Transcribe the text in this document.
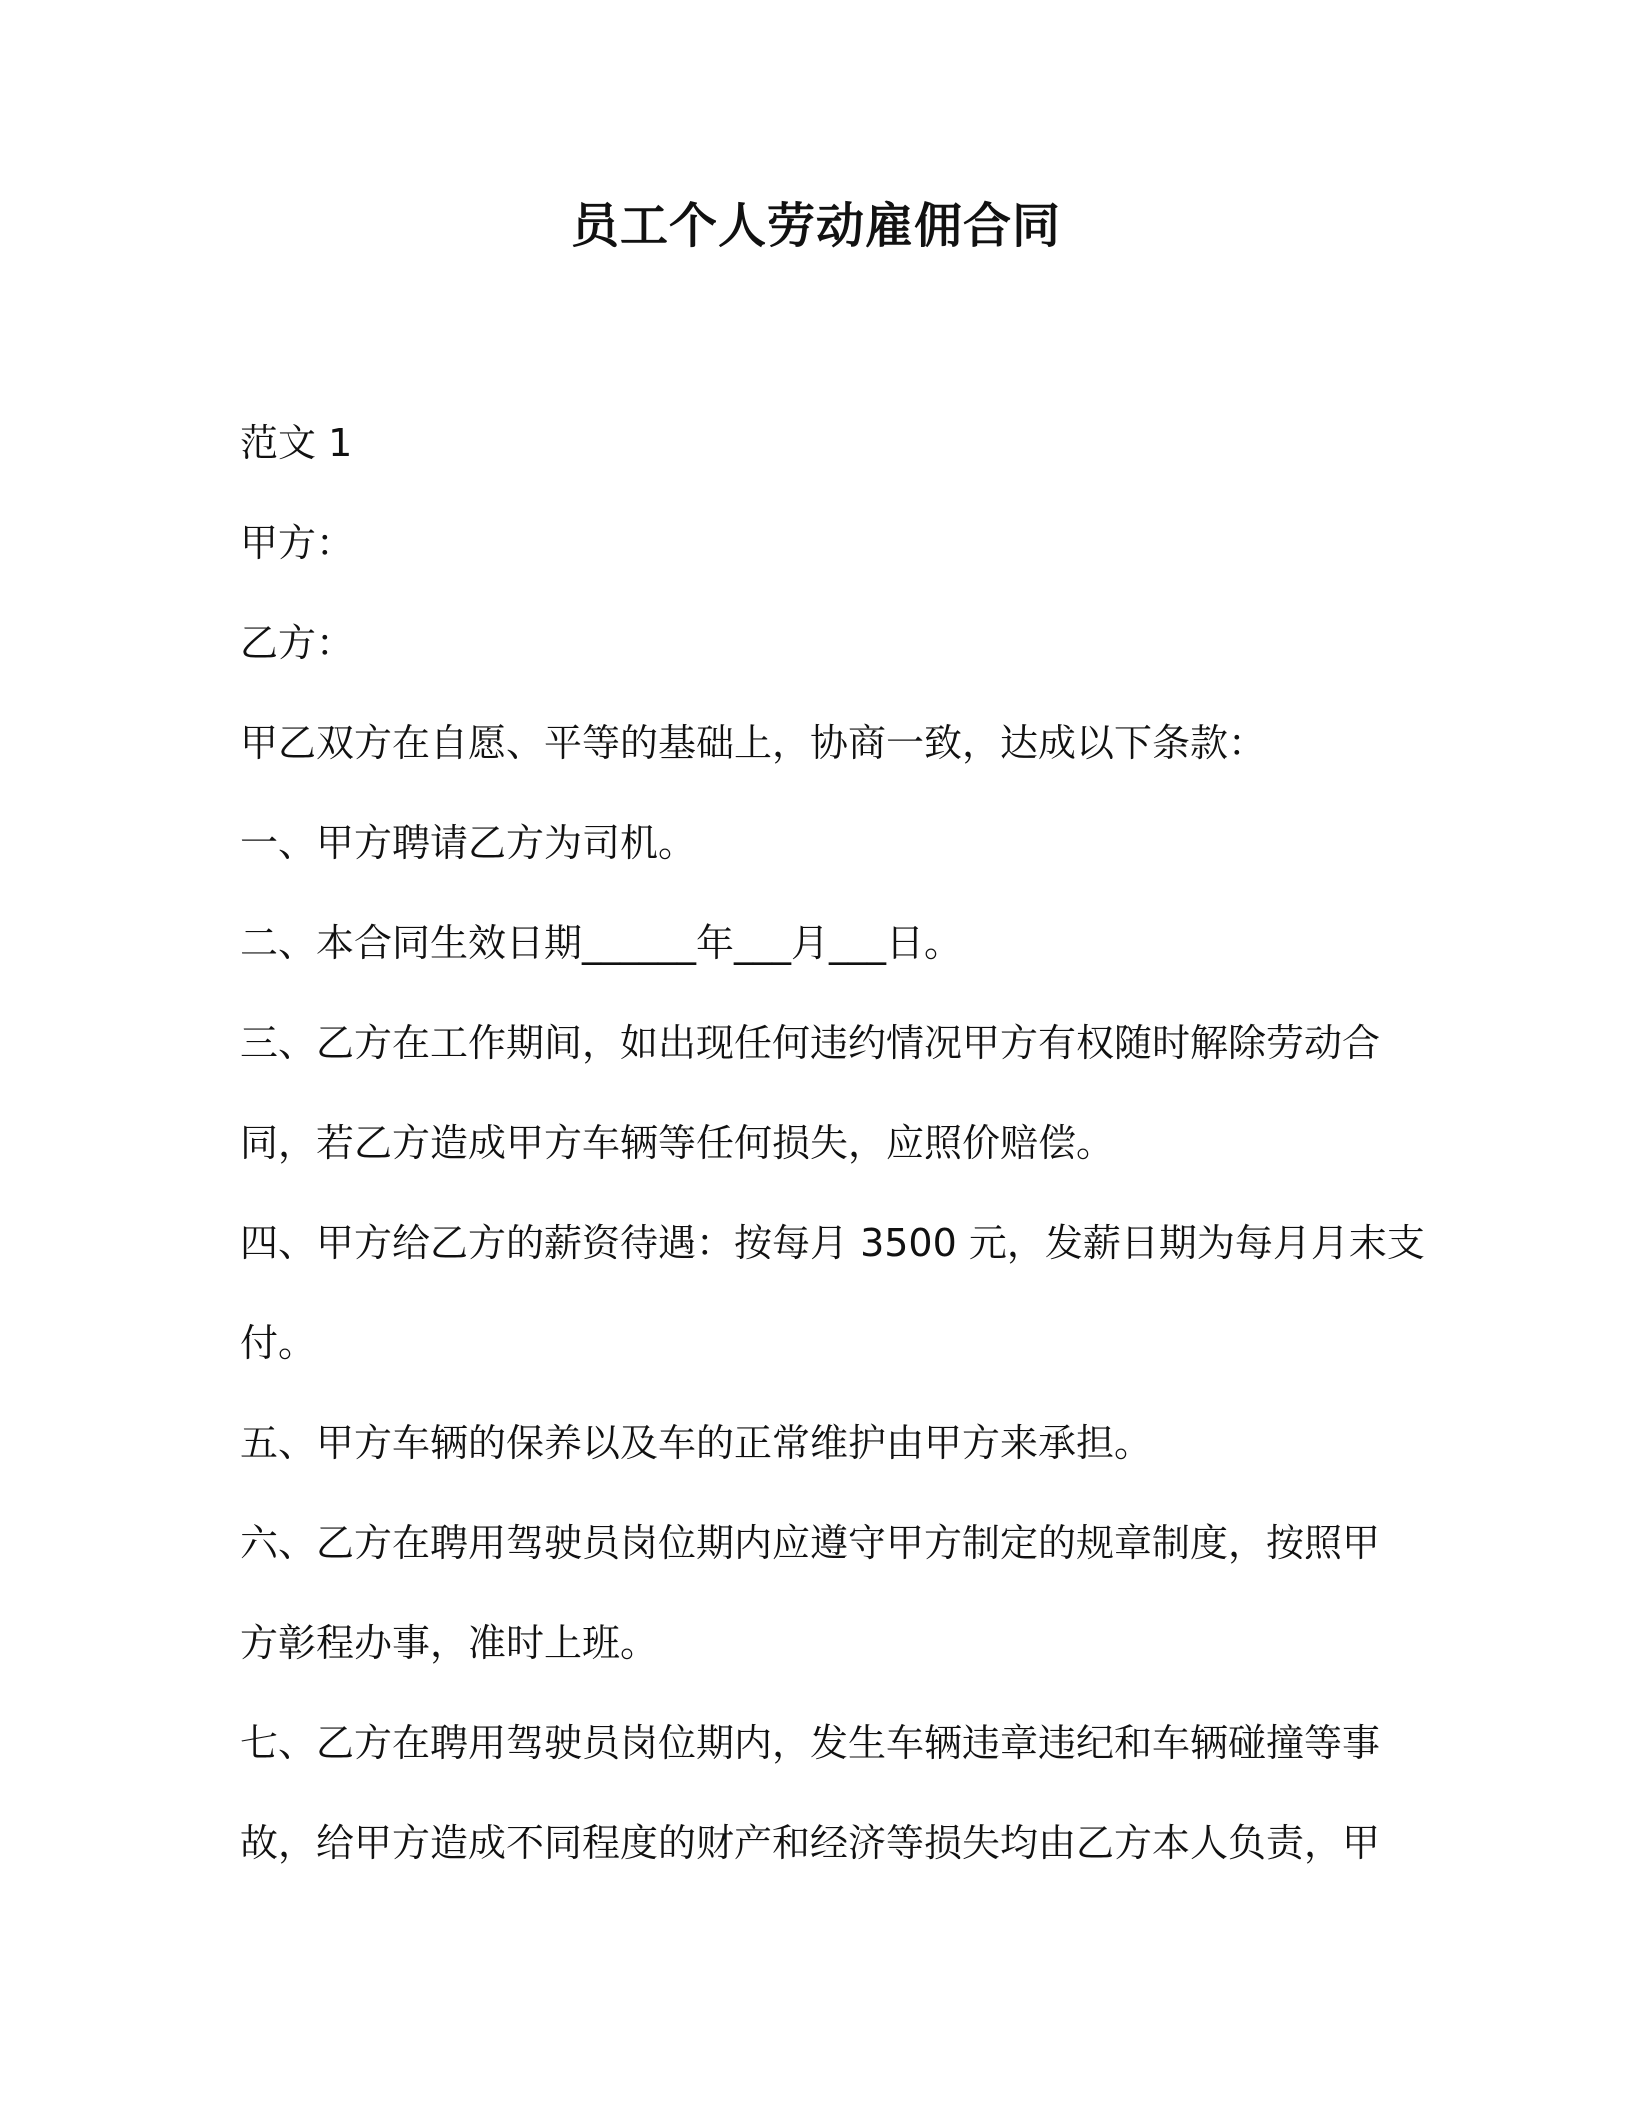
员工个人劳动雇佣合同
范文 1
甲方：
乙方：
甲乙双方在自愿、平等的基础上，协商一致，达成以下条款：
一、甲方聘请乙方为司机。
二、本合同生效日期______年___月___日。
三、乙方在工作期间，如出现任何违约情况甲方有权随时解除劳动合
同，若乙方造成甲方车辆等任何损失，应照价赔偿。
四、甲方给乙方的薪资待遇：按每月 3500 元，发薪日期为每月月末支
付。
五、甲方车辆的保养以及车的正常维护由甲方来承担。
六、乙方在聘用驾驶员岗位期内应遵守甲方制定的规章制度，按照甲
方彰程办事，准时上班。
七、乙方在聘用驾驶员岗位期内，发生车辆违章违纪和车辆碰撞等事
故，给甲方造成不同程度的财产和经济等损失均由乙方本人负责，甲
